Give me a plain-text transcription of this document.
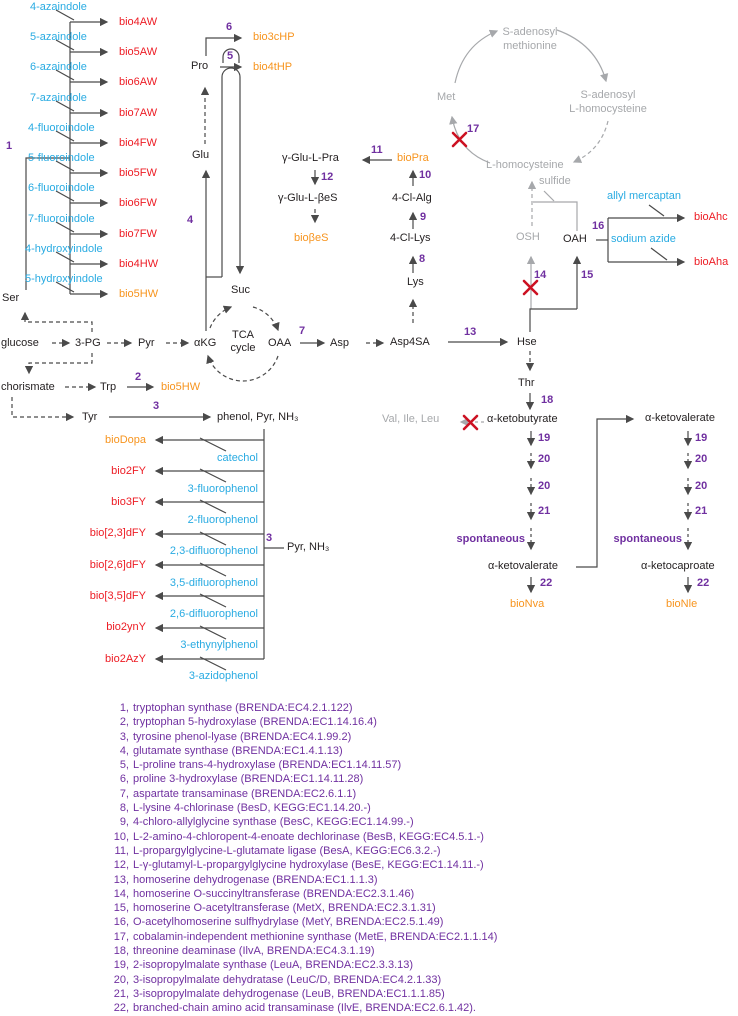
4-azaindole
5-azaindole
6-azaindole
7-azaindole
4-fluoroindole
5-fluoroindole
6-fluoroindole
7-fluoroindole
4-hydroxyindole
5-hydroxyindole
bio4AW
bio5AW
bio6AW
bio7AW
bio4FW
bio5FW
bio6FW
bio7FW
bio4HW
bio5HW
1
Ser
6
bio3cHP
5
Pro	bio4tHP
Glu
4
Suc
glucose	3-PG	Pyr	αKG
TCA
cycle	OAA
7
Asp	Asp4SA
13
Hse
chorismate	Trp
2
bio5HW
Tyr
3
phenol, Pyr, NH₃
bioDopa
bio2FY
bio3FY
bio[2,3]dFY
bio[2,6]dFY
bio[3,5]dFY
bio2ynY
bio2AzY
catechol
3-fluorophenol
2-fluorophenol
2,3-difluorophenol
3,5-difluorophenol
2,6-difluorophenol
3-ethynylphenol
3-azidophenol
3
Pyr, NH₃
γ-Glu-L-Pra
11
bioPra
12
γ-Glu-L-βeS
bioβeS
10
4-Cl-Alg
9
4-Cl-Lys
8
Lys
S-adenosyl
methionine
S-adenosyl
L-homocysteine
Met
17
L-homocysteine
sulfide
OSH OAH
16
allyl mercaptan
bioAhc
sodium azide
bioAha
14	15
Thr
18
Val, Ile, Leu	α-ketobutyrate
19
20
20
21
spontaneous
α-ketovalerate
22
bioNva
α-ketovalerate
19
20
20
21
spontaneous
α-ketocaproate
22
bioNle
1, tryptophan synthase (BRENDA:EC4.2.1.122)
2, tryptophan 5-hydroxylase (BRENDA:EC1.14.16.4)
3, tyrosine phenol-lyase (BRENDA:EC4.1.99.2)
4, glutamate synthase (BRENDA:EC1.4.1.13)
5, L-proline trans-4-hydroxylase (BRENDA:EC1.14.11.57)
6, proline 3-hydroxylase (BRENDA:EC1.14.11.28)
7, aspartate transaminase (BRENDA:EC2.6.1.1)
8, L-lysine 4-chlorinase (BesD, KEGG:EC1.14.20.-)
9, 4-chloro-allylglycine synthase (BesC, KEGG:EC1.14.99.-)
10, L-2-amino-4-chloropent-4-enoate dechlorinase (BesB, KEGG:EC4.5.1.-)
11, L-propargylglycine-L-glutamate ligase (BesA, KEGG:EC6.3.2.-)
12, L-γ-glutamyl-L-propargylglycine hydroxylase (BesE, KEGG:EC1.14.11.-)
13, homoserine dehydrogenase (BRENDA:EC1.1.1.3)
14, homoserine O-succinyltransferase (BRENDA:EC2.3.1.46)
15, homoserine O-acetyltransferase (MetX, BRENDA:EC2.3.1.31)
16, O-acetylhomoserine sulfhydrylase (MetY, BRENDA:EC2.5.1.49)
17, cobalamin-independent methionine synthase (MetE, BRENDA:EC2.1.1.14)
18, threonine deaminase (IlvA, BRENDA:EC4.3.1.19)
19, 2-isopropylmalate synthase (LeuA, BRENDA:EC2.3.3.13)
20, 3-isopropylmalate dehydratase (LeuC/D, BRENDA:EC4.2.1.33)
21, 3-isopropylmalate dehydrogenase (LeuB, BRENDA:EC1.1.1.85)
22, branched-chain amino acid transaminase (IlvE, BRENDA:EC2.6.1.42).
